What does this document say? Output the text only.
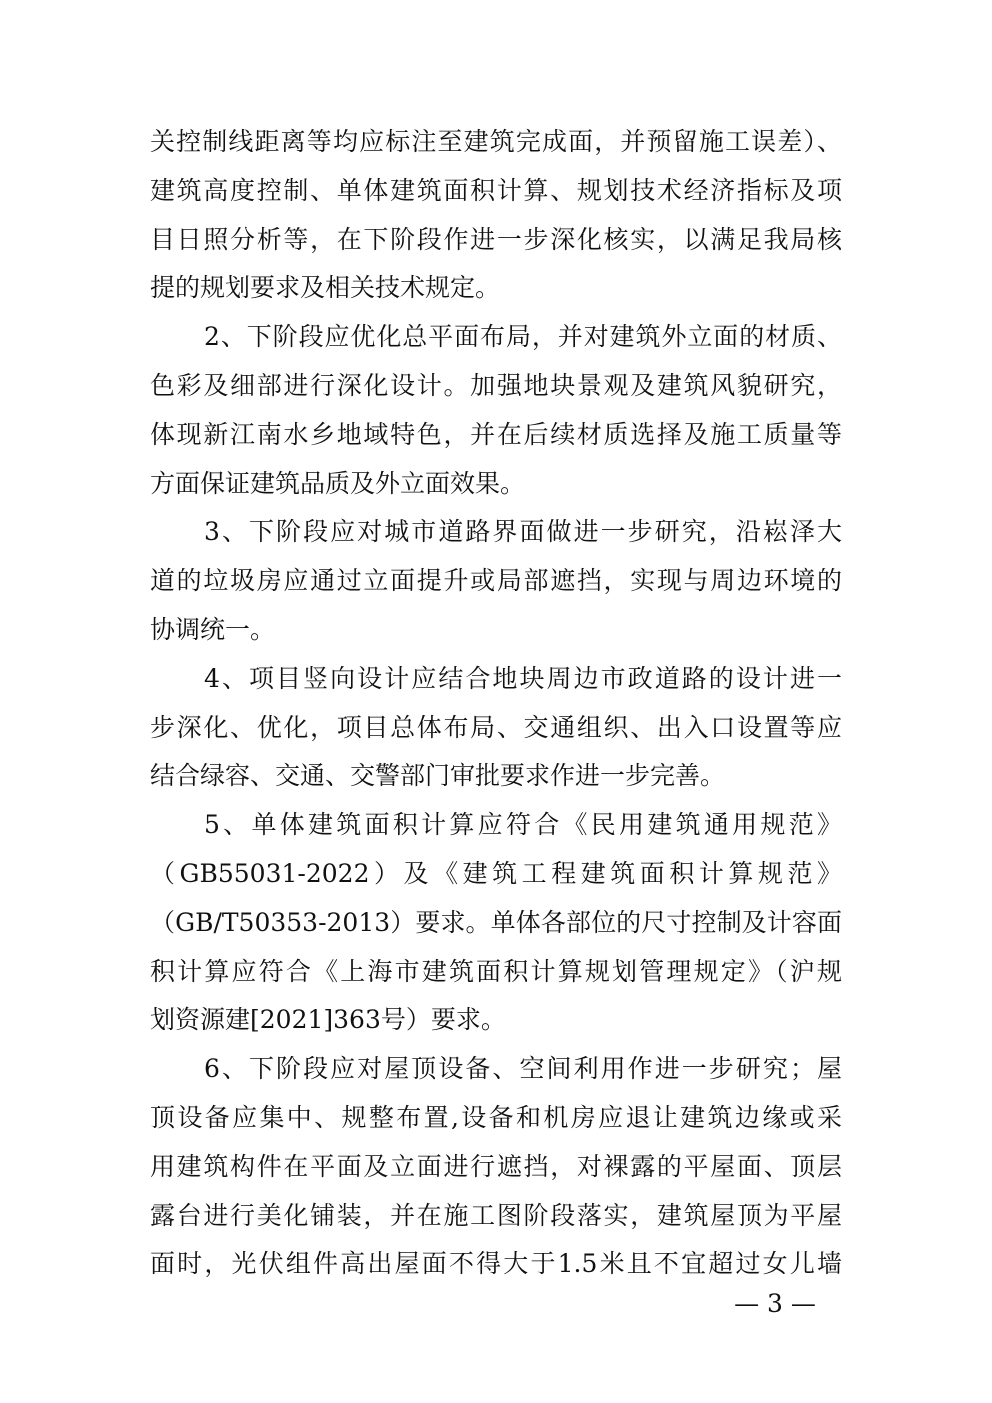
关控制线距离等均应标注至建筑完成面，并预留施工误差）、
建筑高度控制、单体建筑面积计算、规划技术经济指标及项
目日照分析等，在下阶段作进一步深化核实，以满足我局核
提的规划要求及相关技术规定。
2、下阶段应优化总平面布局，并对建筑外立面的材质、
色彩及细部进行深化设计。加强地块景观及建筑风貌研究，
体现新江南水乡地域特色，并在后续材质选择及施工质量等
方面保证建筑品质及外立面效果。
3、下阶段应对城市道路界面做进一步研究，沿崧泽大
道的垃圾房应通过立面提升或局部遮挡，实现与周边环境的
协调统一。
4、项目竖向设计应结合地块周边市政道路的设计进一
步深化、优化，项目总体布局、交通组织、出入口设置等应
结合绿容、交通、交警部门审批要求作进一步完善。
5、单体建筑面积计算应符合《民用建筑通用规范》
（GB55031-2022）及《建筑工程建筑面积计算规范》
（GB/T50353-2013）要求。单体各部位的尺寸控制及计容面
积计算应符合《上海市建筑面积计算规划管理规定》（沪规
划资源建[2021]363号）要求。
6、下阶段应对屋顶设备、空间利用作进一步研究；屋
顶设备应集中、规整布置,设备和机房应退让建筑边缘或采
用建筑构件在平面及立面进行遮挡，对裸露的平屋面、顶层
露台进行美化铺装，并在施工图阶段落实，建筑屋顶为平屋
面时，光伏组件高出屋面不得大于1.5米且不宜超过女儿墙
— 3 —
